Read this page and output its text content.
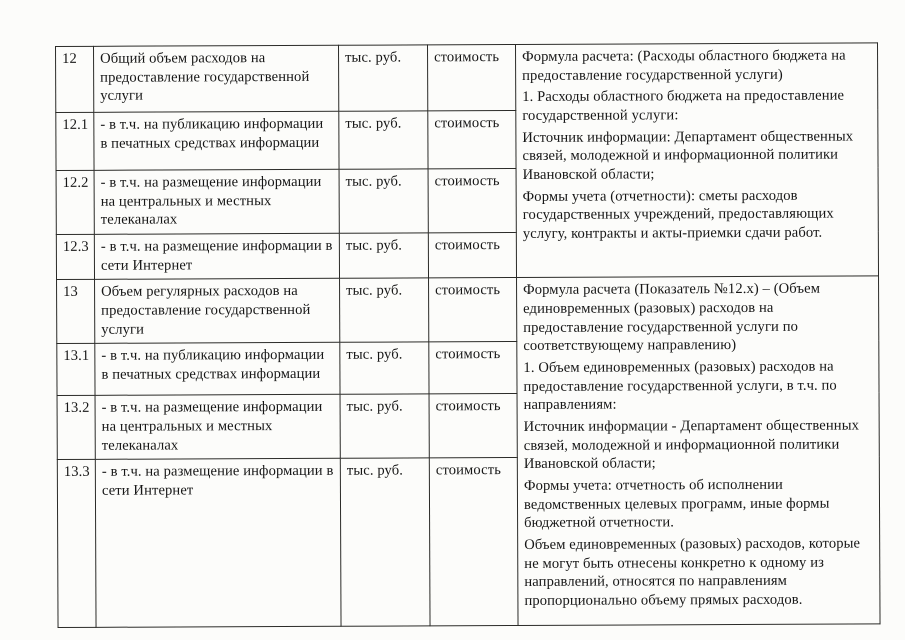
12	Общий объем расходов на предоставление государственной услуги	тыс. руб.	стоимость	Формула расчета: (Расходы областного бюджета на предоставление государственной услуги)

1. Расходы областного бюджета на предоставление государственной услуги:

Источник информации: Департамент общественных связей, молодежной и информационной политики Ивановской области;

Формы учета (отчетности): сметы расходов государственных учреждений, предоставляющих услугу, контракты и акты-приемки сдачи работ.

12.1	- в т.ч. на публикацию информации в печатных средствах информации	тыс. руб.	стоимость	
12.2	- в т.ч. на размещение информации на центральных и местных телеканалах	тыс. руб.	стоимость	
12.3	- в т.ч. на размещение информации в сети Интернет	тыс. руб.	стоимость	
13	Объем регулярных расходов на предоставление государственной услуги	тыс. руб.	стоимость	Формула расчета (Показатель №12.х) – (Объем единовременных (разовых) расходов на предоставление государственной услуги по соответствующему направлению)

1. Объем единовременных (разовых) расходов на предоставление государственной услуги, в т.ч. по направлениям:

Источник информации - Департамент общественных связей, молодежной и информационной политики Ивановской области;

Формы учета: отчетность об исполнении ведомственных целевых программ, иные формы бюджетной отчетности.

Объем единовременных (разовых) расходов, которые не могут быть отнесены конкретно к одному из направлений, относятся по направлениям пропорционально объему прямых расходов.

13.1	- в т.ч. на публикацию информации в печатных средствах информации	тыс. руб.	стоимость	
13.2	- в т.ч. на размещение информации на центральных и местных телеканалах	тыс. руб.	стоимость	
13.3	- в т.ч. на размещение информации в сети Интернет	тыс. руб.	стоимость	
